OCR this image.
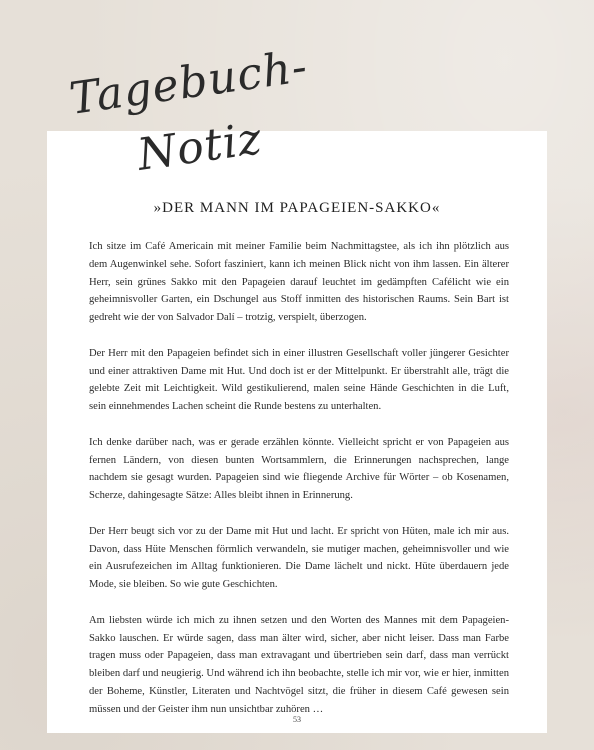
Tagebuch-
Notiz
»DER MANN IM PAPAGEIEN-SAKKO«

Ich sitze im Café Americain mit meiner Familie beim Nachmittagstee, als ich ihn plötzlich aus dem Augenwinkel sehe. Sofort fasziniert, kann ich meinen Blick nicht von ihm lassen. Ein älterer Herr, sein grünes Sakko mit den Papageien darauf leuchtet im gedämpften Cafélicht wie ein geheimnisvoller Garten, ein Dschungel aus Stoff inmitten des historischen Raums. Sein Bart ist gedreht wie der von Salvador Dalí – trotzig, verspielt, überzogen.

Der Herr mit den Papageien befindet sich in einer illustren Gesellschaft voller jüngerer Gesichter und einer attraktiven Dame mit Hut. Und doch ist er der Mittelpunkt. Er überstrahlt alle, trägt die gelebte Zeit mit Leichtigkeit. Wild gestikulierend, malen seine Hände Geschichten in die Luft, sein einnehmendes Lachen scheint die Runde bestens zu unterhalten.

Ich denke darüber nach, was er gerade erzählen könnte. Vielleicht spricht er von Papageien aus fernen Ländern, von diesen bunten Wortsammlern, die Erinnerungen nachsprechen, lange nachdem sie gesagt wurden. Papageien sind wie fliegende Archive für Wörter – ob Kosenamen, Scherze, dahingesagte Sätze: Alles bleibt ihnen in Erinnerung.

Der Herr beugt sich vor zu der Dame mit Hut und lacht. Er spricht von Hüten, male ich mir aus. Davon, dass Hüte Menschen förmlich verwandeln, sie mutiger machen, geheimnisvoller und wie ein Ausrufezeichen im Alltag funktionieren. Die Dame lächelt und nickt. Hüte überdauern jede Mode, sie bleiben. So wie gute Geschichten.

Am liebsten würde ich mich zu ihnen setzen und den Worten des Mannes mit dem Papageien-Sakko lauschen. Er würde sagen, dass man älter wird, sicher, aber nicht leiser. Dass man Farbe tragen muss oder Papageien, dass man extravagant und übertrieben sein darf, dass man verrückt bleiben darf und neugierig. Und während ich ihn beobachte, stelle ich mir vor, wie er hier, inmitten der Boheme, Künstler, Literaten und Nachtvögel sitzt, die früher in diesem Café gewesen sein müssen und der Geister ihm nun unsichtbar zuhören …

53
